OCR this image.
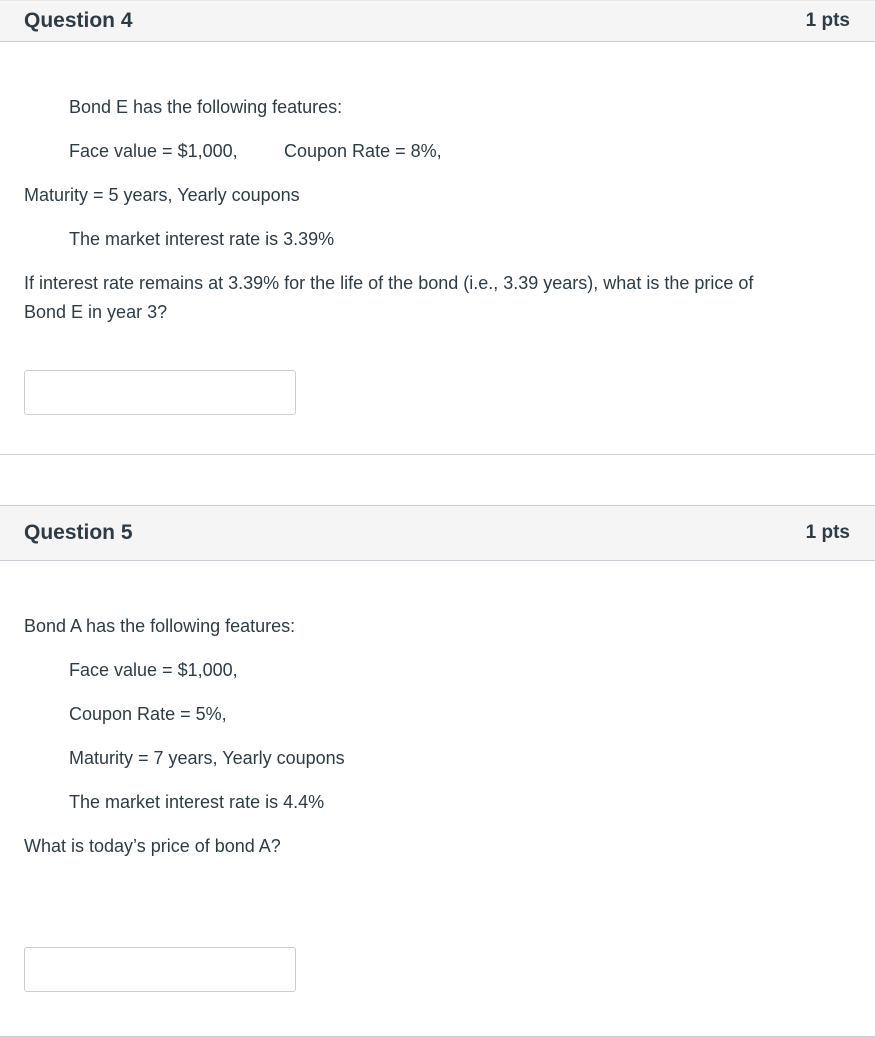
Question 4	1 pts
Bond E has the following features:
Face value = $1,000,	Coupon Rate = 8%,
Maturity = 5 years, Yearly coupons
The market interest rate is 3.39%
If interest rate remains at 3.39% for the life of the bond (i.e., 3.39 years), what is the price of
Bond E in year 3?
Question 5	1 pts
Bond A has the following features:
Face value = $1,000,
Coupon Rate = 5%,
Maturity = 7 years, Yearly coupons
The market interest rate is 4.4%
What is today’s price of bond A?
